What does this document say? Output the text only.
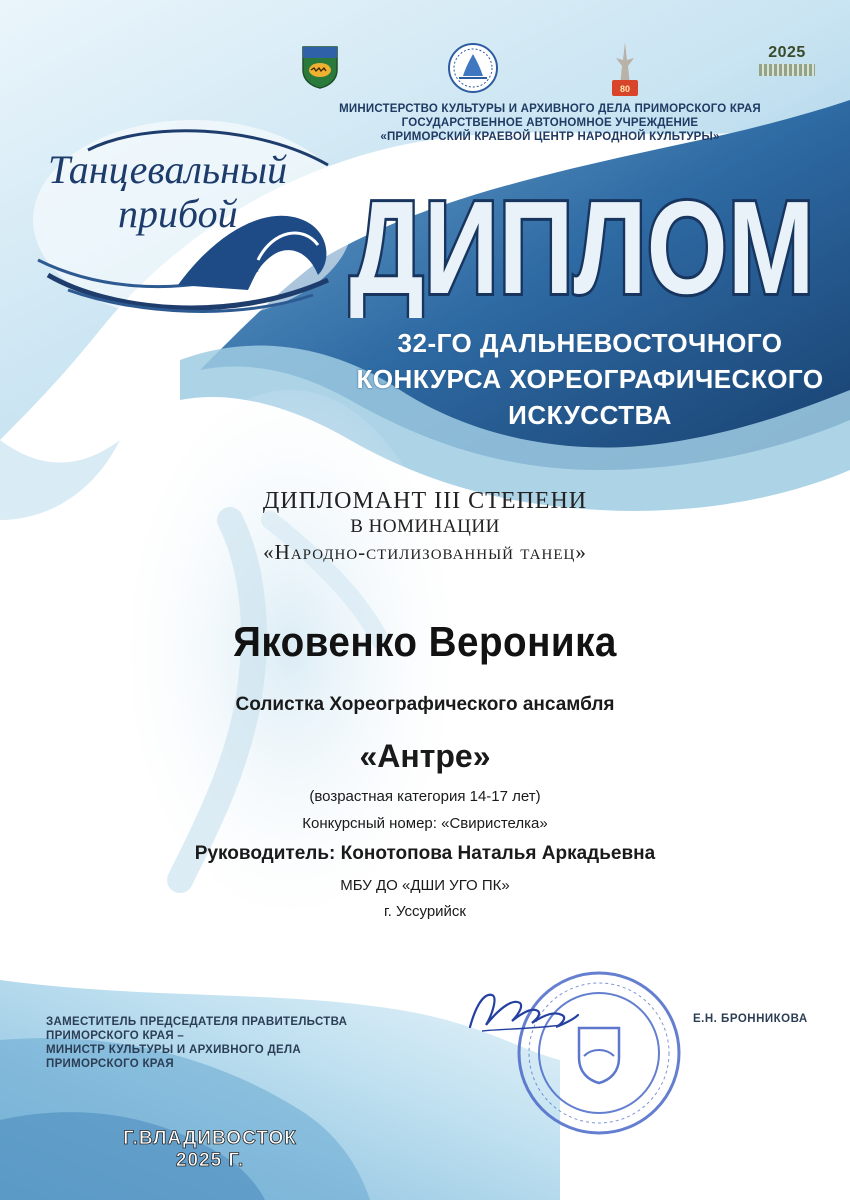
80
2025
МИНИСТЕРСТВО КУЛЬТУРЫ И АРХИВНОГО ДЕЛА ПРИМОРСКОГО КРАЯ
ГОСУДАРСТВЕННОЕ АВТОНОМНОЕ УЧРЕЖДЕНИЕ
«ПРИМОРСКИЙ КРАЕВОЙ ЦЕНТР НАРОДНОЙ КУЛЬТУРЫ»
Танцевальный
прибой ДИПЛОМ
32-ГО ДАЛЬНЕВОСТОЧНОГО
КОНКУРСА ХОРЕОГРАФИЧЕСКОГО
ИСКУССТВА
ДИПЛОМАНТ III СТЕПЕНИ
В НОМИНАЦИИ
«Народно-стилизованный танец»
Яковенко Вероника
Солистка Хореографического ансамбля
«Антре»
(возрастная категория 14-17 лет)
Конкурсный номер: «Свиристелка»
Руководитель: Конотопова Наталья Аркадьевна
МБУ ДО «ДШИ УГО ПК»
г. Уссурийск
ЗАМЕСТИТЕЛЬ ПРЕДСЕДАТЕЛЯ ПРАВИТЕЛЬСТВА
ПРИМОРСКОГО КРАЯ –
МИНИСТР КУЛЬТУРЫ И АРХИВНОГО ДЕЛА
ПРИМОРСКОГО КРАЯ
Е.Н. БРОННИКОВА
Г.ВЛАДИВОСТОК
2025 Г.
